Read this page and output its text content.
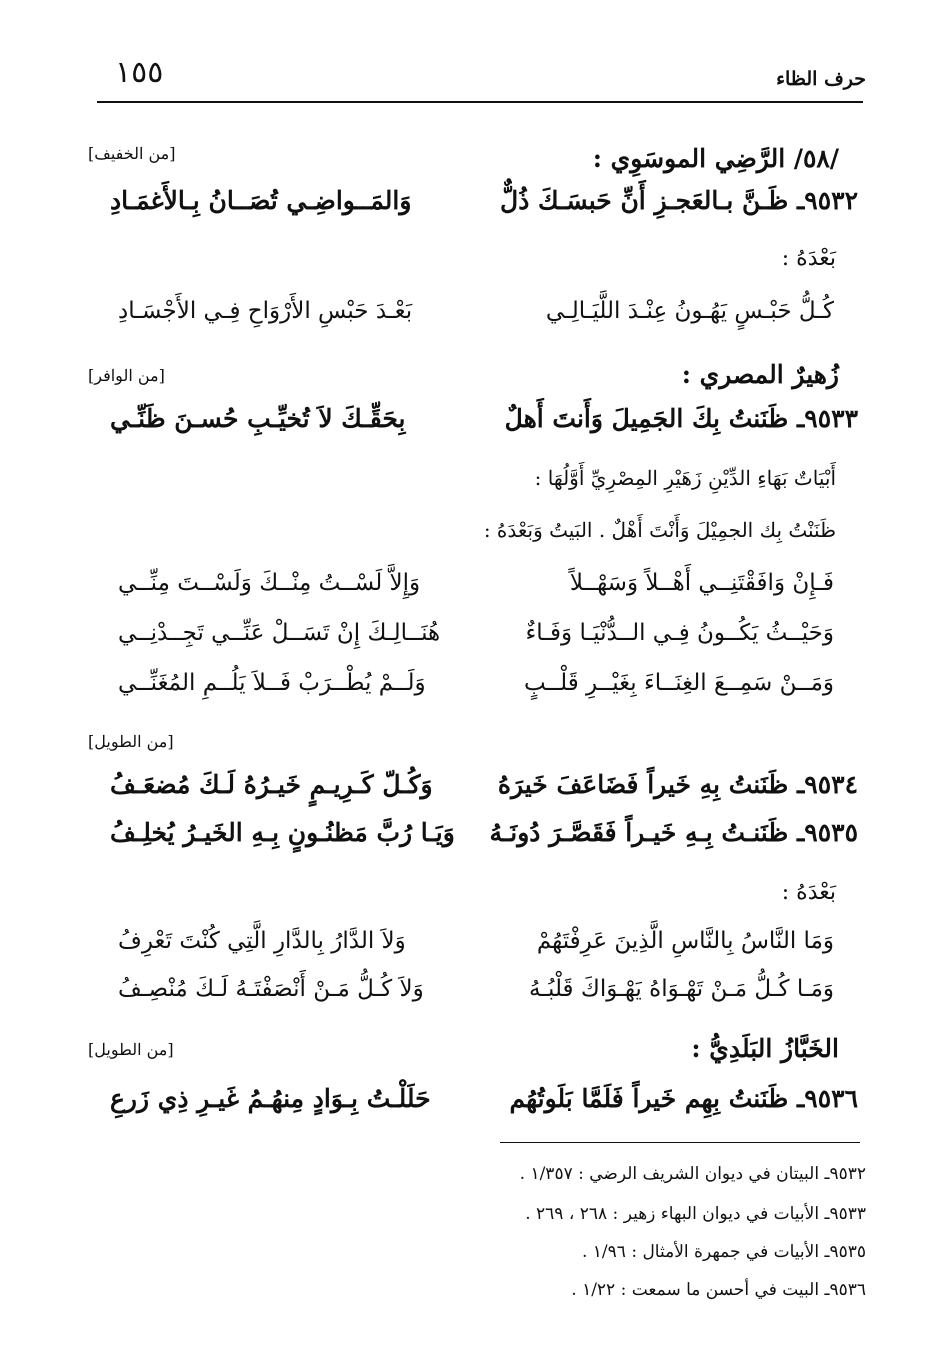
١٥٥	حرف الظاء
[من الخفيف]	/٥٨/ الرَّضِي الموسَوِي :
٩٥٣٢ـ ظَـنَّ بـالعَجـزِ أَنِّ حَبسَـكَ ذُلٌّ
وَالمَــواضِـي تُصَــانُ بِـالأَغمَـادِ
بَعْدَهُ :
كُـلُّ حَبْـسٍ يَهُـونُ عِنْـدَ اللَّيَـالِـي
بَعْـدَ حَبْسِ الأَرْوَاحِ فِـي الأَجْسَـادِ
[من الوافر]	زُهيرٌ المصري :
٩٥٣٣ـ ظَنَنتُ بِكَ الجَمِيلَ وَأَنتَ أَهلٌ
بِحَقِّـكَ لاَ تُخيِّـبِ حُسـنَ ظَنِّـي
أَبْيَاتٌ بَهَاءِ الدِّيْنِ زَهَيْرِ المِصْرِيِّ أَوَّلُهَا :
ظَنَنْتُ بِك الجمِيْلَ وَأَنْتَ أَهْلٌ . البَيتُ وَبَعْدَهُ :
فَـإِنْ وَافَقْتَنِــي أَهْــلاً وَسَهْــلاً
وَإِلاَّ لَسْــتُ مِنْــكَ وَلَسْــتَ مِنِّــي
وَحَيْــثُ يَكُــونُ فِـي الــدُّنْيَـا وَفَـاءٌ
هُنَــالِـكَ إِنْ تَسَــلْ عَنِّــي تَجِــدْنِــي
وَمَــنْ سَمِــعَ الغِنَــاءَ بِغَيْــرِ قَلْــبٍ
وَلَــمْ يُطْــرَبْ فَــلاَ يَلُــمِ المُغَنِّــي
[من الطويل]
٩٥٣٤ـ ظَنَنتُ بِهِ خَيراً فَضَاعَفَ خَيرَهُ
وَكُـلّ كَـرِيـمٍ خَيـرُهُ لَـكَ مُضعَـفُ
٩٥٣٥ـ ظَنَنـتُ بِـهِ خَيـراً فَقَصَّـرَ دُونَـهُ
وَيَـا رُبَّ مَظنُـونٍ بِـهِ الخَيـرُ يُخلِـفُ
بَعْدَهُ :
وَمَا النَّاسُ بِالنَّاسِ الَّذِينَ عَرِفْتَهُمْ
وَلاَ الدَّارُ بِالدَّارِ الَّتِي كُنْتَ تَعْرِفُ
وَمَـا كُـلُّ مَـنْ تَهْـوَاهُ يَهْـوَاكَ قَلْبُـهُ
وَلاَ كُـلُّ مَـنْ أَنْصَفْتَـهُ لَـكَ مُنْصِـفُ
[من الطويل]	الخَبَّازُ البَلَدِيُّ :
٩٥٣٦ـ ظَنَنتُ بِهِم خَيراً فَلَمَّا بَلَوتُهُم
حَلَلْـتُ بِـوَادٍ مِنهُـمُ غَيـرِ ذِي زَرعِ
٩٥٣٢ـ البيتان في ديوان الشريف الرضي : ١/٣٥٧ .
٩٥٣٣ـ الأبيات في ديوان البهاء زهير : ٢٦٨ ، ٢٦٩ .
٩٥٣٥ـ الأبيات في جمهرة الأمثال : ١/٩٦ .
٩٥٣٦ـ البيت في أحسن ما سمعت : ١/٢٢ .
